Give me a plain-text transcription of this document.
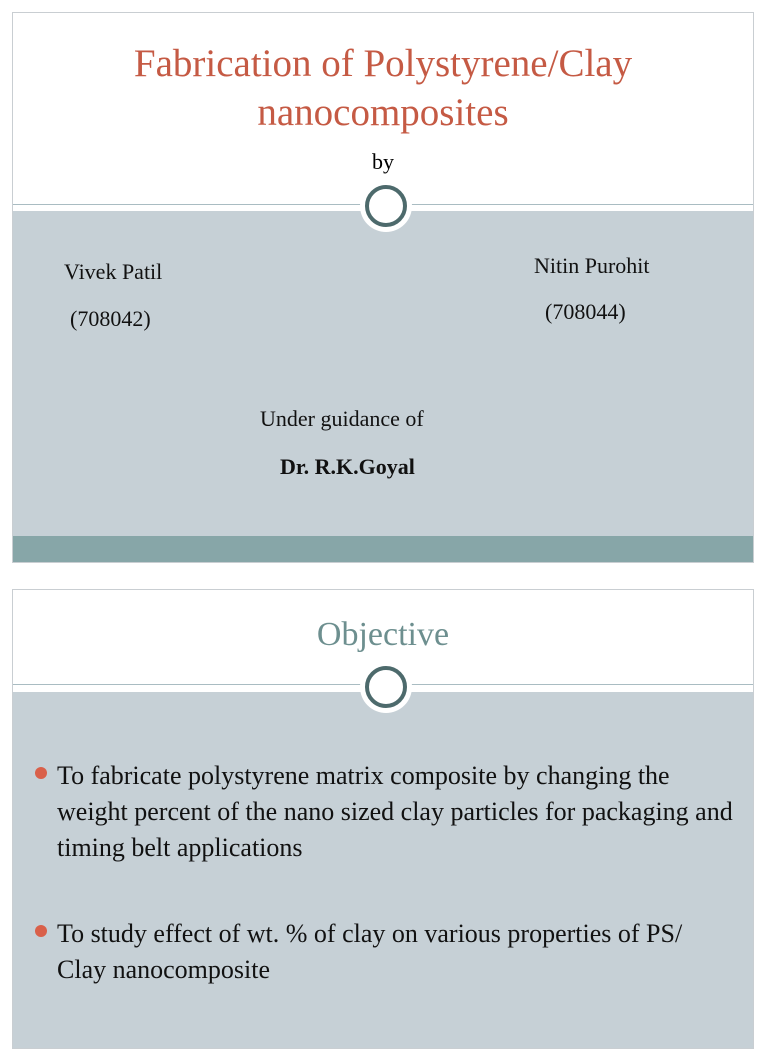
Fabrication of Polystyrene/Clay
nanocomposites
by
Vivek Patil
(708042)
Nitin Purohit
(708044)
Under guidance of
Dr. R.K.Goyal
Objective

To fabricate polystyrene matrix composite by changing the weight percent of the nano sized clay particles for packaging and timing belt applications

To study effect of wt. % of clay on various properties of PS/ Clay nanocomposite
